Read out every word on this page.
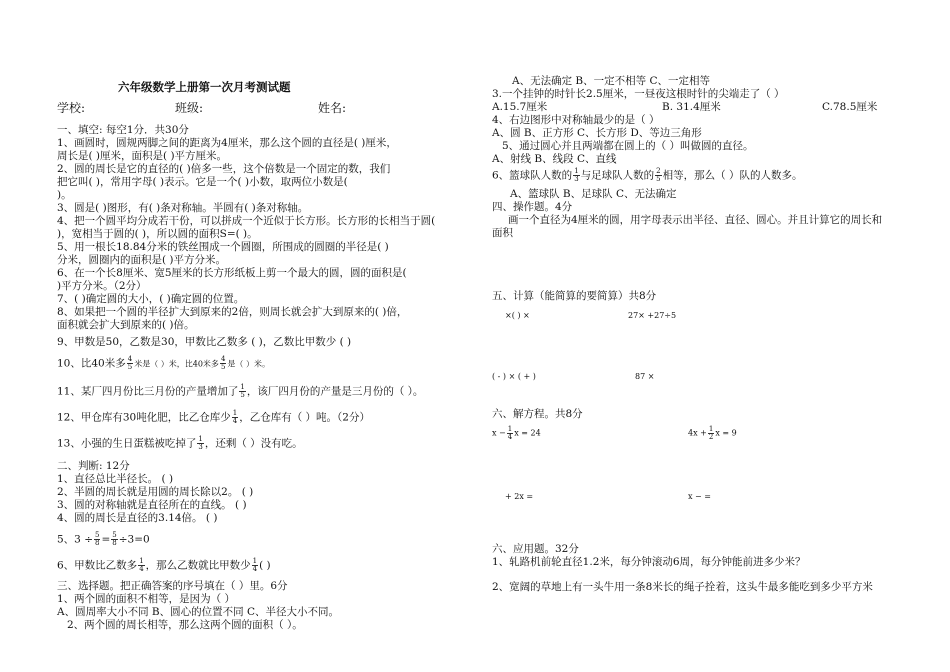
六年级数学上册第一次月考测试题
学校:	班级:	姓名:
一、填空: 每空1分．共30分
1、画圆时，圆规两脚之间的距离为4厘米，那么这个圆的直径是( )厘米，
周长是( )厘米，面积是( )平方厘米。
2、圆的周长是它的直径的( )倍多一些，这个倍数是一个固定的数，我们
把它叫( )，常用字母( )表示。它是一个( )小数，取两位小数是(
)。
3、圆是( )图形，有( )条对称轴。半圆有( )条对称轴。
4、把一个圆平均分成若干份，可以拼成一个近似于长方形。长方形的长相当于圆(
)，宽相当于圆的( )，所以圆的面积S=( )。
5、用一根长18.84分米的铁丝围成一个圆圈，所围成的圆圈的半径是( )
分米，圆圈内的面积是( )平方分米。
6、在一个长8厘米、宽5厘米的长方形纸板上剪一个最大的圆，圆的面积是(
)平方分米。（2分）
7、( )确定圆的大小，( )确定圆的位置。
8、如果把一个圆的半径扩大到原来的2倍，则周长就会扩大到原来的( )倍，
面积就会扩大到原来的( )倍。
9、甲数是50，乙数是30，甲数比乙数多 ( )，乙数比甲数少 ( )
10、比40米多 $\frac{4}{5}$ 米是（ ）米，比40米多 $\frac{4}{5}$ 是（ ）米。
11、某厂四月份比三月份的产量增加了 $\frac{1}{5}$ ，该厂四月份的产量是三月份的（ ）。
12、甲仓库有30吨化肥，比乙仓库少 $\frac{1}{4}$ ，乙仓库有（ ）吨。（2分）
13、小强的生日蛋糕被吃掉了 $\frac{1}{3}$ ，还剩（ ）没有吃。
二、判断: 12分
1、直径总比半径长。 ( )
2、半圆的周长就是用圆的周长除以2。 ( )
3、圆的对称轴就是直径所在的直线。 ( )
4、圆的周长是直径的3.14倍。 ( )
5、$3 \div \frac{5}{8} = \frac{5}{8} \div 3=0$
6、甲数比乙数多 $\frac{1}{4}$ ，那么乙数就比甲数少 $\frac{1}{4}$ ( )
三、选择题。把正确答案的序号填在（ ）里。6分
1、两个圆的面积不相等，是因为（ ）
A、圆周率大小不同 B、圆心的位置不同 C、半径大小不同。
2、两个圆的周长相等，那么这两个圆的面积（ ）。
A、无法确定 B、一定不相等 C、一定相等
3.一个挂钟的时针长2.5厘米，一昼夜这根时针的尖端走了（ ）
A.15.7厘米	B. 31.4厘米	C.78.5厘米
4、右边图形中对称轴最少的是（ ）
A、圆 B、正方形 C、长方形 D、等边三角形
5、通过圆心并且两端都在圆上的（ ）叫做圆的直径。
A、射线 B、线段 C、直线
6、篮球队人数的 $\frac{1}{3}$ 与足球队人数的 $\frac{2}{5}$ 相等，那么（ ）队的人数多。
A、篮球队 B、足球队 C、无法确定
四、操作题。4分
画一个直径为4厘米的圆，用字母表示出半径、直径、圆心。并且计算它的周长和
面积
五、计算（能简算的要简算）共8分
×( ) ×	27× +27÷5
( - ) × ( + )	87 ×
六、解方程。共8分
$x - \frac{1}{4}$ x = 24	$4x + \frac{1}{2}$ x = 9
+ 2x =	x − =
六、应用题。32分
1、轧路机前轮直径1.2米，每分钟滚动6周，每分钟能前进多少米？
2、宽阔的草地上有一头牛用一条8米长的绳子拴着，这头牛最多能吃到多少平方米
